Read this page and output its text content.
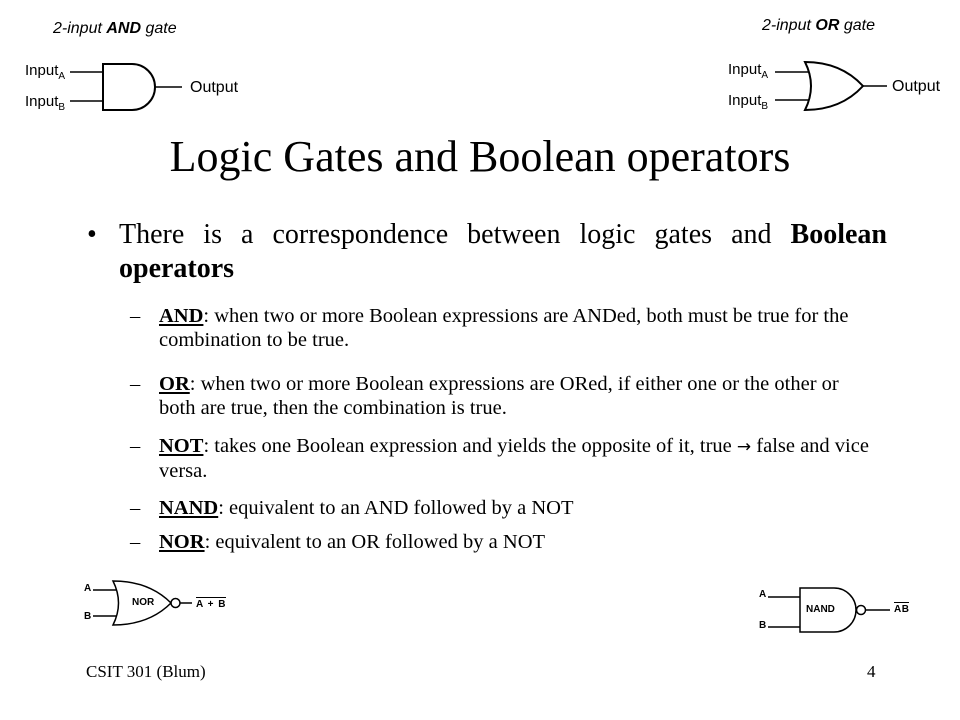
2-input AND gate
Input$_A$
Input$_B$
Output
2-input OR gate
Input$_A$
Input$_B$
Output
Logic Gates and Boolean operators
• There is a correspondence between logic gates and Boolean operators
– AND: when two or more Boolean expressions are ANDed, both must be true for the combination to be true.
– OR: when two or more Boolean expressions are ORed, if either one or the other or both are true, then the combination is true.
– NOT: takes one Boolean expression and yields the opposite of it, true → false and vice versa.
– NAND: equivalent to an AND followed by a NOT
– NOR: equivalent to an OR followed by a NOT
A
B
NOR	A + B
A
B
NAND	AB
CSIT 301 (Blum)	4
